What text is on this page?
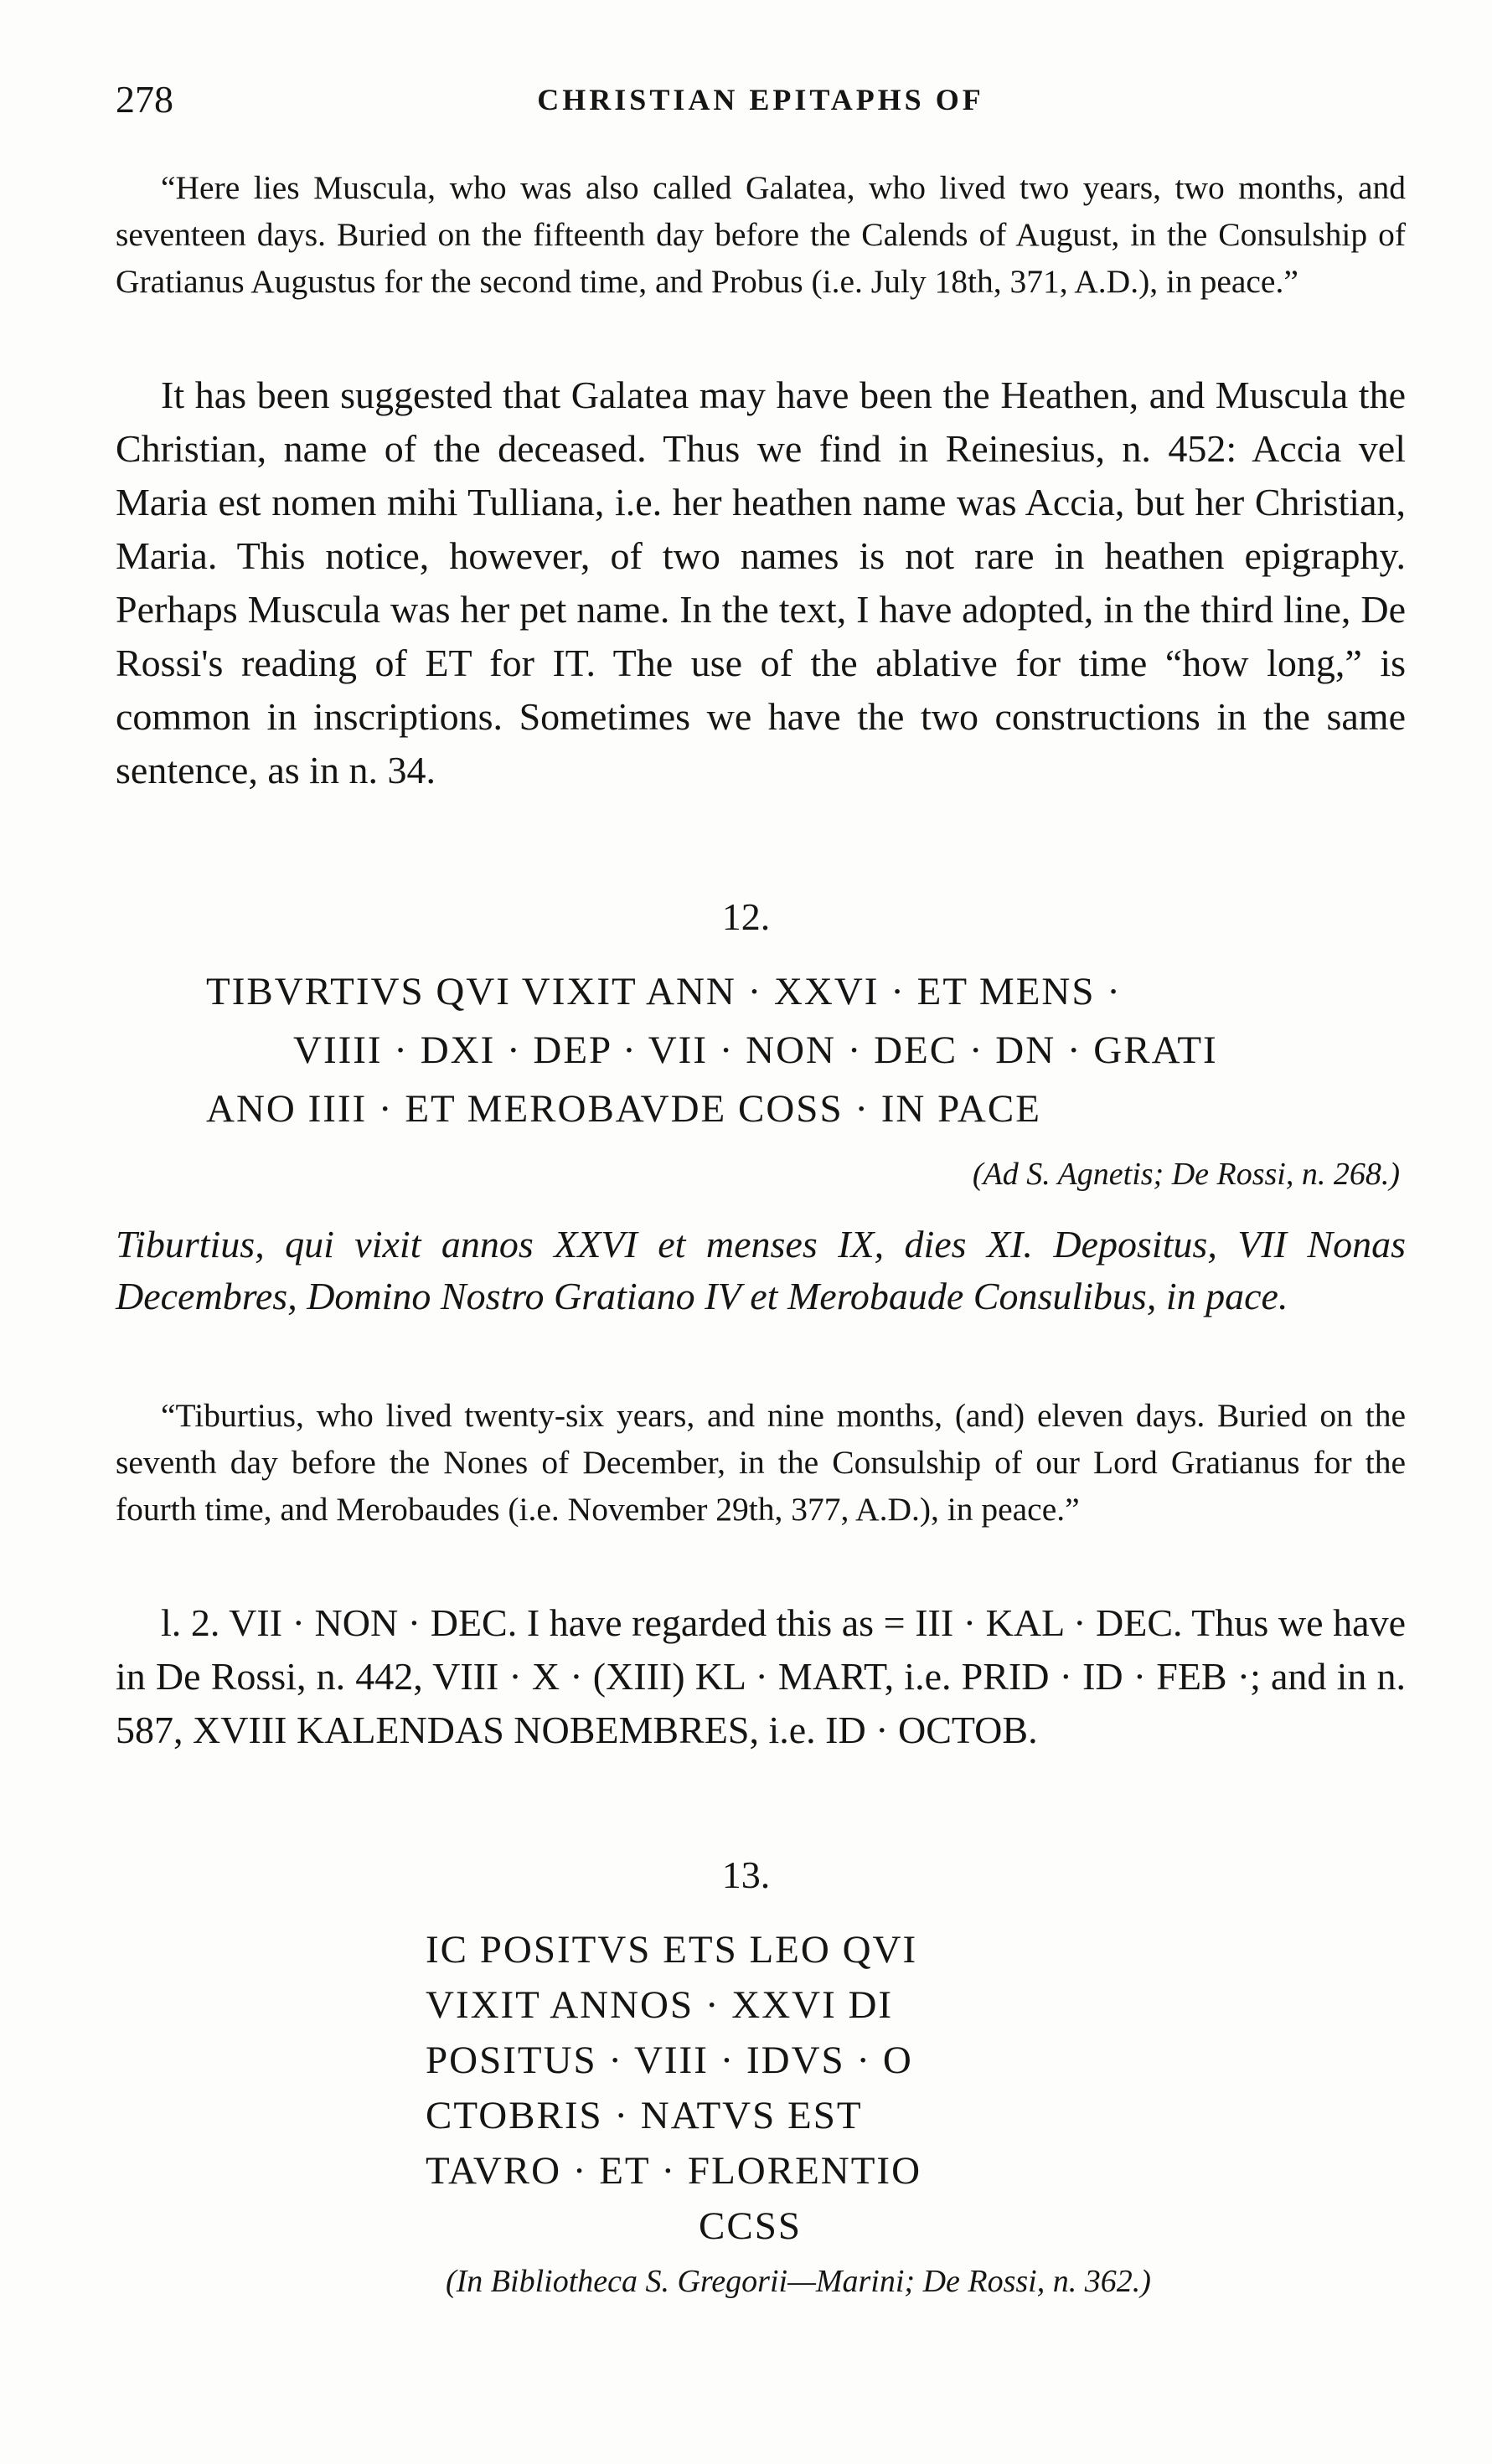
278	CHRISTIAN EPITAPHS OF

“Here lies Muscula, who was also called Galatea, who lived two years, two months, and seventeen days. Buried on the fifteenth day before the Calends of August, in the Consulship of Gratianus Augustus for the second time, and Probus (i.e. July 18th, 371, A.D.), in peace.”

It has been suggested that Galatea may have been the Heathen, and Muscula the Christian, name of the deceased. Thus we find in Reinesius, n. 452: Accia vel Maria est nomen mihi Tulliana, i.e. her heathen name was Accia, but her Christian, Maria. This notice, however, of two names is not rare in heathen epigraphy. Perhaps Muscula was her pet name. In the text, I have adopted, in the third line, De Rossi's reading of ET for IT. The use of the ablative for time “how long,” is common in inscriptions. Sometimes we have the two constructions in the same sentence, as in n. 34.

12.
TIBVRTIVS QVI VIXIT ANN · XXVI · ET MENS ·
VIIII · DXI · DEP · VII · NON · DEC · DN · GRATI
ANO IIII · ET MEROBAVDE COSS · IN PACE
(Ad S. Agnetis; De Rossi, n. 268.)

Tiburtius, qui vixit annos XXVI et menses IX, dies XI. Depositus, VII Nonas Decembres, Domino Nostro Gratiano IV et Merobaude Consulibus, in pace.

“Tiburtius, who lived twenty-six years, and nine months, (and) eleven days. Buried on the seventh day before the Nones of December, in the Consulship of our Lord Gratianus for the fourth time, and Merobaudes (i.e. November 29th, 377, A.D.), in peace.”

l. 2. VII · NON · DEC. I have regarded this as = III · KAL · DEC. Thus we have in De Rossi, n. 442, VIII · X · (XIII) KL · MART, i.e. PRID · ID · FEB ·; and in n. 587, XVIII KALENDAS NOBEMBRES, i.e. ID · OCTOB.

13.
IC POSITVS ETS LEO QVI
VIXIT ANNOS · XXVI DI
POSITUS · VIII · IDVS · O
CTOBRIS · NATVS EST
TAVRO · ET · FLORENTIO
CCSS
(In Bibliotheca S. Gregorii—Marini; De Rossi, n. 362.)
